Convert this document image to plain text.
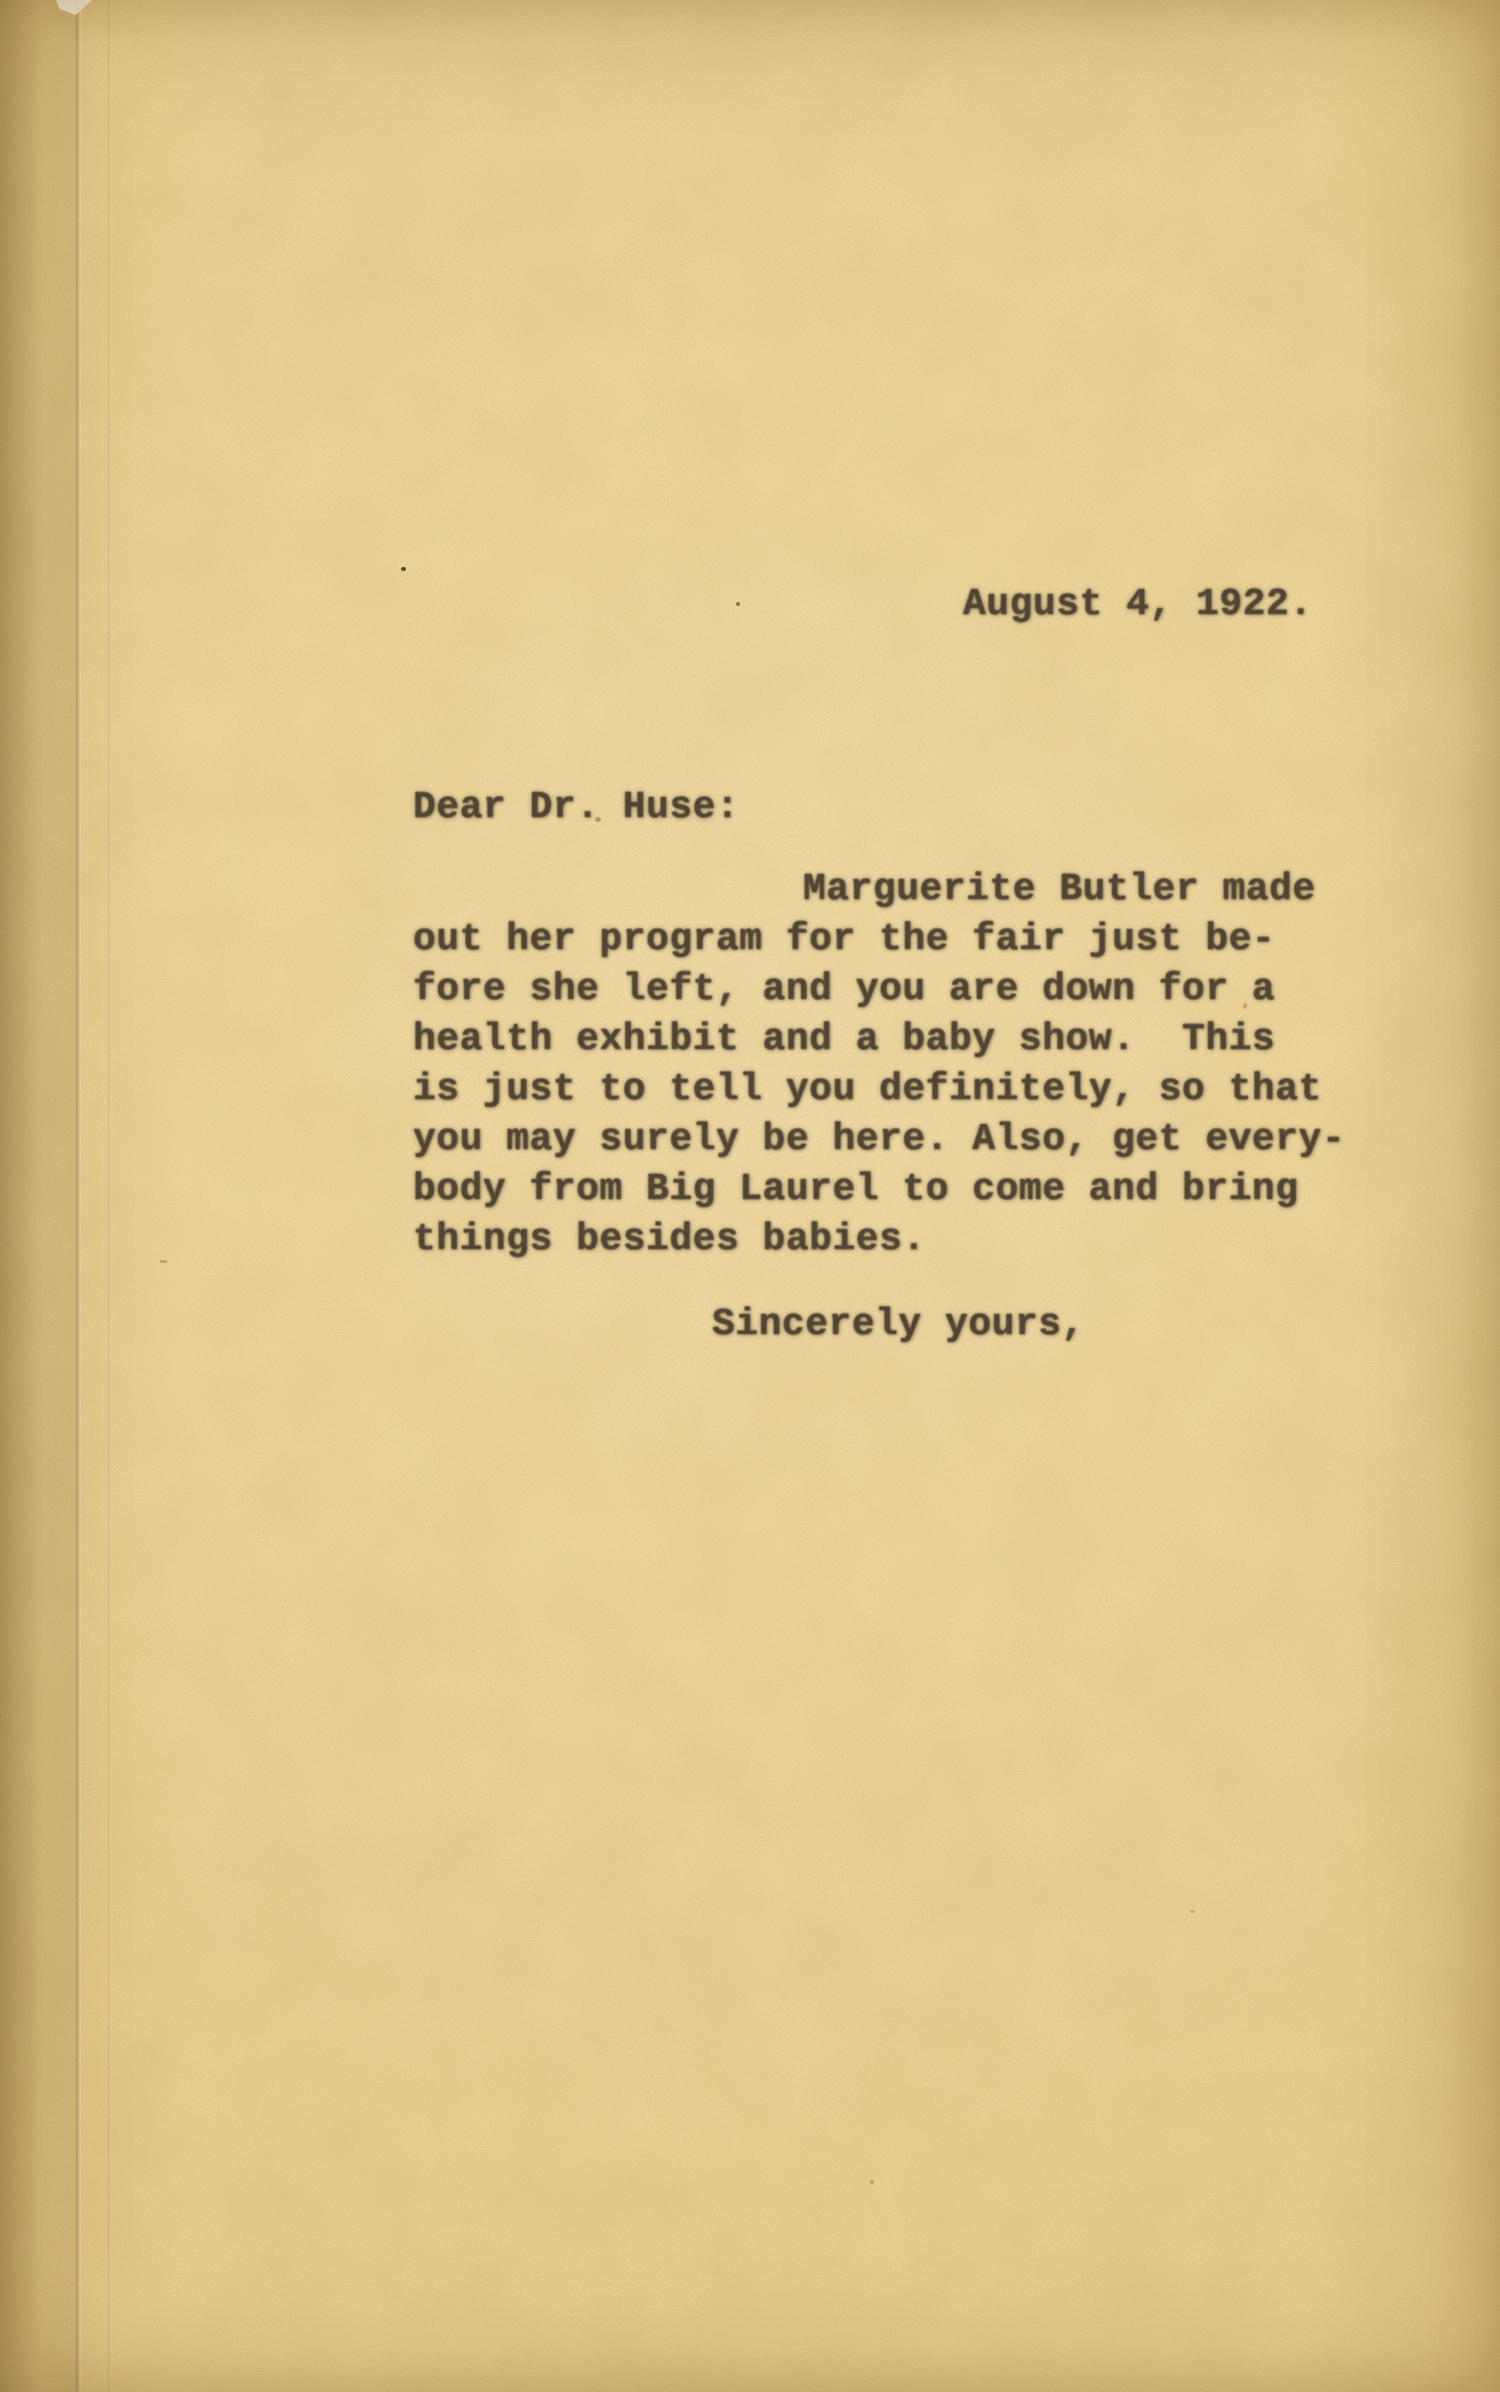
August 4, 1922.
Dear Dr. Huse:
Marguerite Butler made
out her program for the fair just be-
fore she left, and you are down for a
health exhibit and a baby show.  This
is just to tell you definitely, so that
you may surely be here. Also, get every-
body from Big Laurel to come and bring
things besides babies.
Sincerely yours,
